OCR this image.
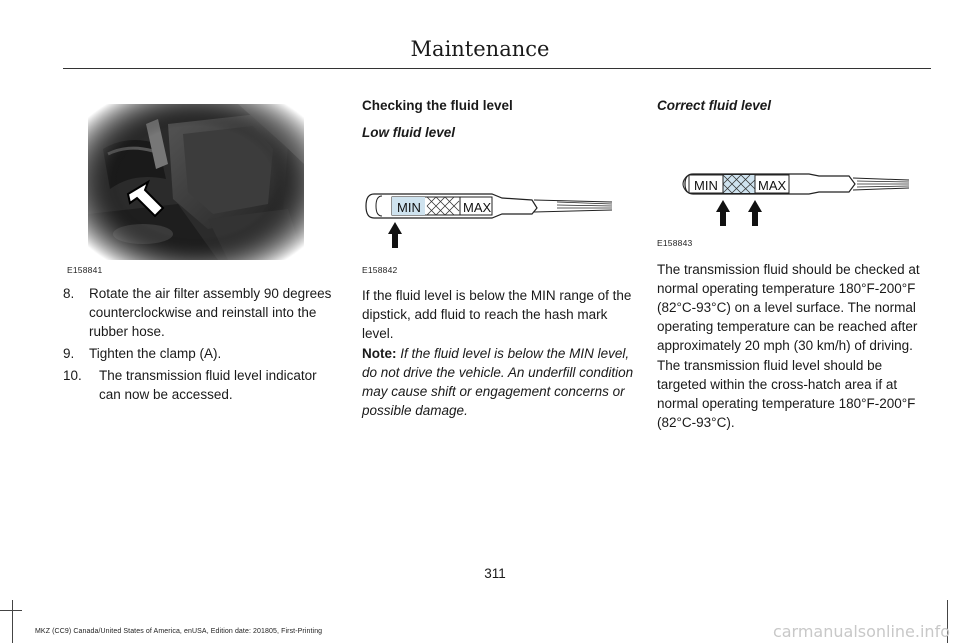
Maintenance
E158841
8. Rotate the air filter assembly 90 degrees counterclockwise and reinstall into the rubber hose.
9. Tighten the clamp (A).
10. The transmission fluid level indicator can now be accessed.
Checking the fluid level
Low fluid level
MIN	MAX
E158842
If the fluid level is below the MIN range of the dipstick, add fluid to reach the hash mark level.
Note: If the fluid level is below the MIN level, do not drive the vehicle. An underfill condition may cause shift or engagement concerns or possible damage.
Correct fluid level
MIN	MAX
E158843
The transmission fluid should be checked at normal operating temperature 180°F-200°F (82°C-93°C) on a level surface. The normal operating temperature can be reached after approximately 20 mph (30 km/h) of driving.
The transmission fluid level should be targeted within the cross-hatch area if at normal operating temperature 180°F-200°F (82°C-93°C).
311
MKZ (CC9) Canada/United States of America, enUSA, Edition date: 201805, First-Printing	carmanualsonline.info
